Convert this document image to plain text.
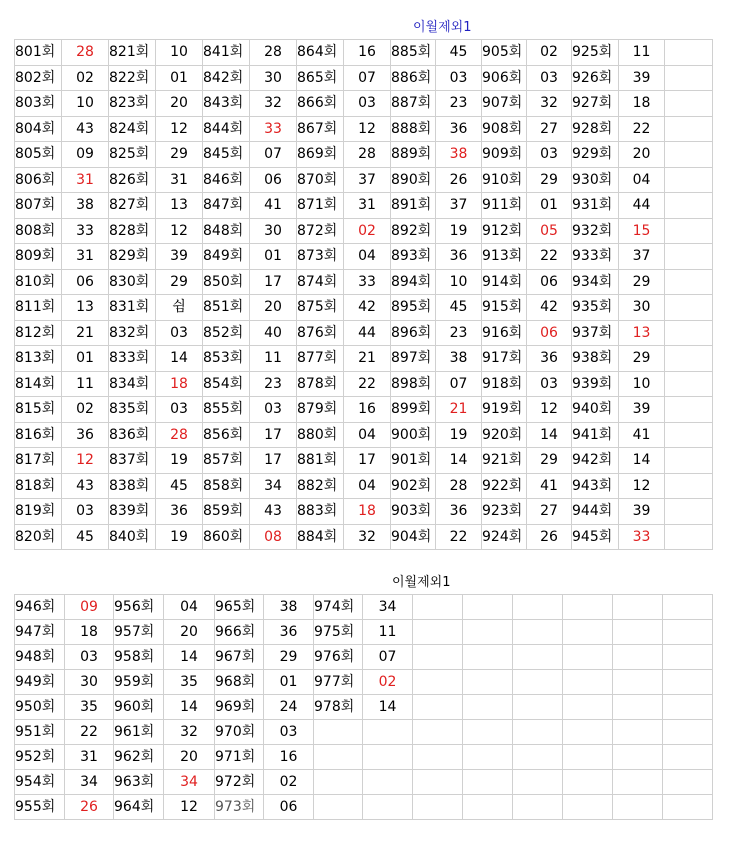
이월제외1
801회	28	821회	10	841회	28	864회	16	885회	45	905회	02	925회	11	
802회	02	822회	01	842회	30	865회	07	886회	03	906회	03	926회	39	
803회	10	823회	20	843회	32	866회	03	887회	23	907회	32	927회	18	
804회	43	824회	12	844회	33	867회	12	888회	36	908회	27	928회	22	
805회	09	825회	29	845회	07	869회	28	889회	38	909회	03	929회	20	
806회	31	826회	31	846회	06	870회	37	890회	26	910회	29	930회	04	
807회	38	827회	13	847회	41	871회	31	891회	37	911회	01	931회	44	
808회	33	828회	12	848회	30	872회	02	892회	19	912회	05	932회	15	
809회	31	829회	39	849회	01	873회	04	893회	36	913회	22	933회	37	
810회	06	830회	29	850회	17	874회	33	894회	10	914회	06	934회	29	
811회	13	831회	쉼	851회	20	875회	42	895회	45	915회	42	935회	30	
812회	21	832회	03	852회	40	876회	44	896회	23	916회	06	937회	13	
813회	01	833회	14	853회	11	877회	21	897회	38	917회	36	938회	29	
814회	11	834회	18	854회	23	878회	22	898회	07	918회	03	939회	10	
815회	02	835회	03	855회	03	879회	16	899회	21	919회	12	940회	39	
816회	36	836회	28	856회	17	880회	04	900회	19	920회	14	941회	41	
817회	12	837회	19	857회	17	881회	17	901회	14	921회	29	942회	14	
818회	43	838회	45	858회	34	882회	04	902회	28	922회	41	943회	12	
819회	03	839회	36	859회	43	883회	18	903회	36	923회	27	944회	39	
820회	45	840회	19	860회	08	884회	32	904회	22	924회	26	945회	33	
이월제외1
946회	09	956회	04	965회	38	974회	34						
947회	18	957회	20	966회	36	975회	11						
948회	03	958회	14	967회	29	976회	07						
949회	30	959회	35	968회	01	977회	02						
950회	35	960회	14	969회	24	978회	14						
951회	22	961회	32	970회	03								
952회	31	962회	20	971회	16								
954회	34	963회	34	972회	02								
955회	26	964회	12	973회	06								
